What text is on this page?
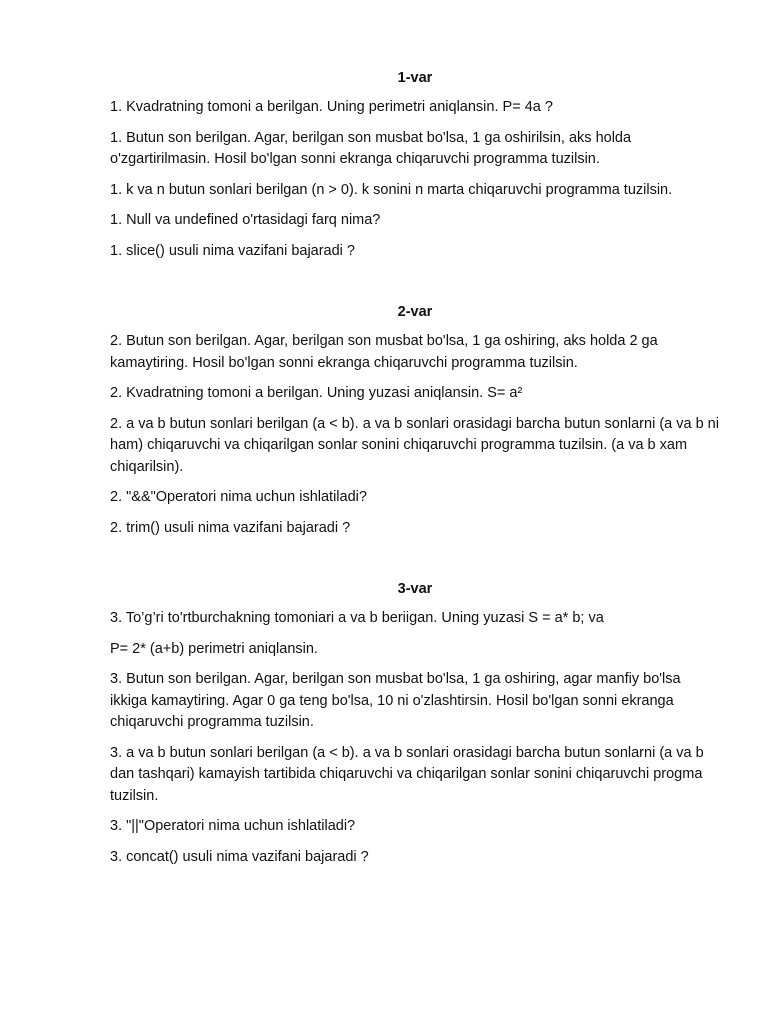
1-var

1. Kvadratning tomoni a berilgan. Uning perimetri aniqlansin. P= 4a ?

1. Butun son berilgan. Agar, berilgan son musbat bo'lsa, 1 ga oshirilsin, aks holda o'zgartirilmasin. Hosil bo'lgan sonni ekranga chiqaruvchi programma tuzilsin.

1. k va n butun sonlari berilgan (n > 0). k sonini n marta chiqaruvchi programma tuzilsin.

1. Null va undefined o'rtasidagi farq nima?

1. slice() usuli nima vazifani bajaradi ?

2-var

2. Butun son berilgan. Agar, berilgan son musbat bo'lsa, 1 ga oshiring, aks holda 2 ga kamaytiring. Hosil bo'lgan sonni ekranga chiqaruvchi programma tuzilsin.

2. Kvadratning tomoni a berilgan. Uning yuzasi aniqlansin. S= a²

2. a va b butun sonlari berilgan (a < b). a va b sonlari orasidagi barcha butun sonlarni (a va b ni ham) chiqaruvchi va chiqarilgan sonlar sonini chiqaruvchi programma tuzilsin. (a va b xam chiqarilsin).

2. "&&"Operatori nima uchun ishlatiladi?

2. trim() usuli nima vazifani bajaradi ?

3-var

3. To’g’ri to'rtburchakning tomoniari a va b beriigan. Uning yuzasi S = a* b; va

P= 2* (a+b) perimetri aniqlansin.

3. Butun son berilgan. Agar, berilgan son musbat bo'lsa, 1 ga oshiring, agar manfiy bo'lsa ikkiga kamaytiring. Agar 0 ga teng bo'lsa, 10 ni o'zlashtirsin. Hosil bo'lgan sonni ekranga chiqaruvchi programma tuzilsin.

3. a va b butun sonlari berilgan (a < b). a va b sonlari orasidagi barcha butun sonlarni (a va b dan tashqari) kamayish tartibida chiqaruvchi va chiqarilgan sonlar sonini chiqaruvchi progma tuzilsin.

3. "||"Operatori nima uchun ishlatiladi?

3. concat() usuli nima vazifani bajaradi ?
